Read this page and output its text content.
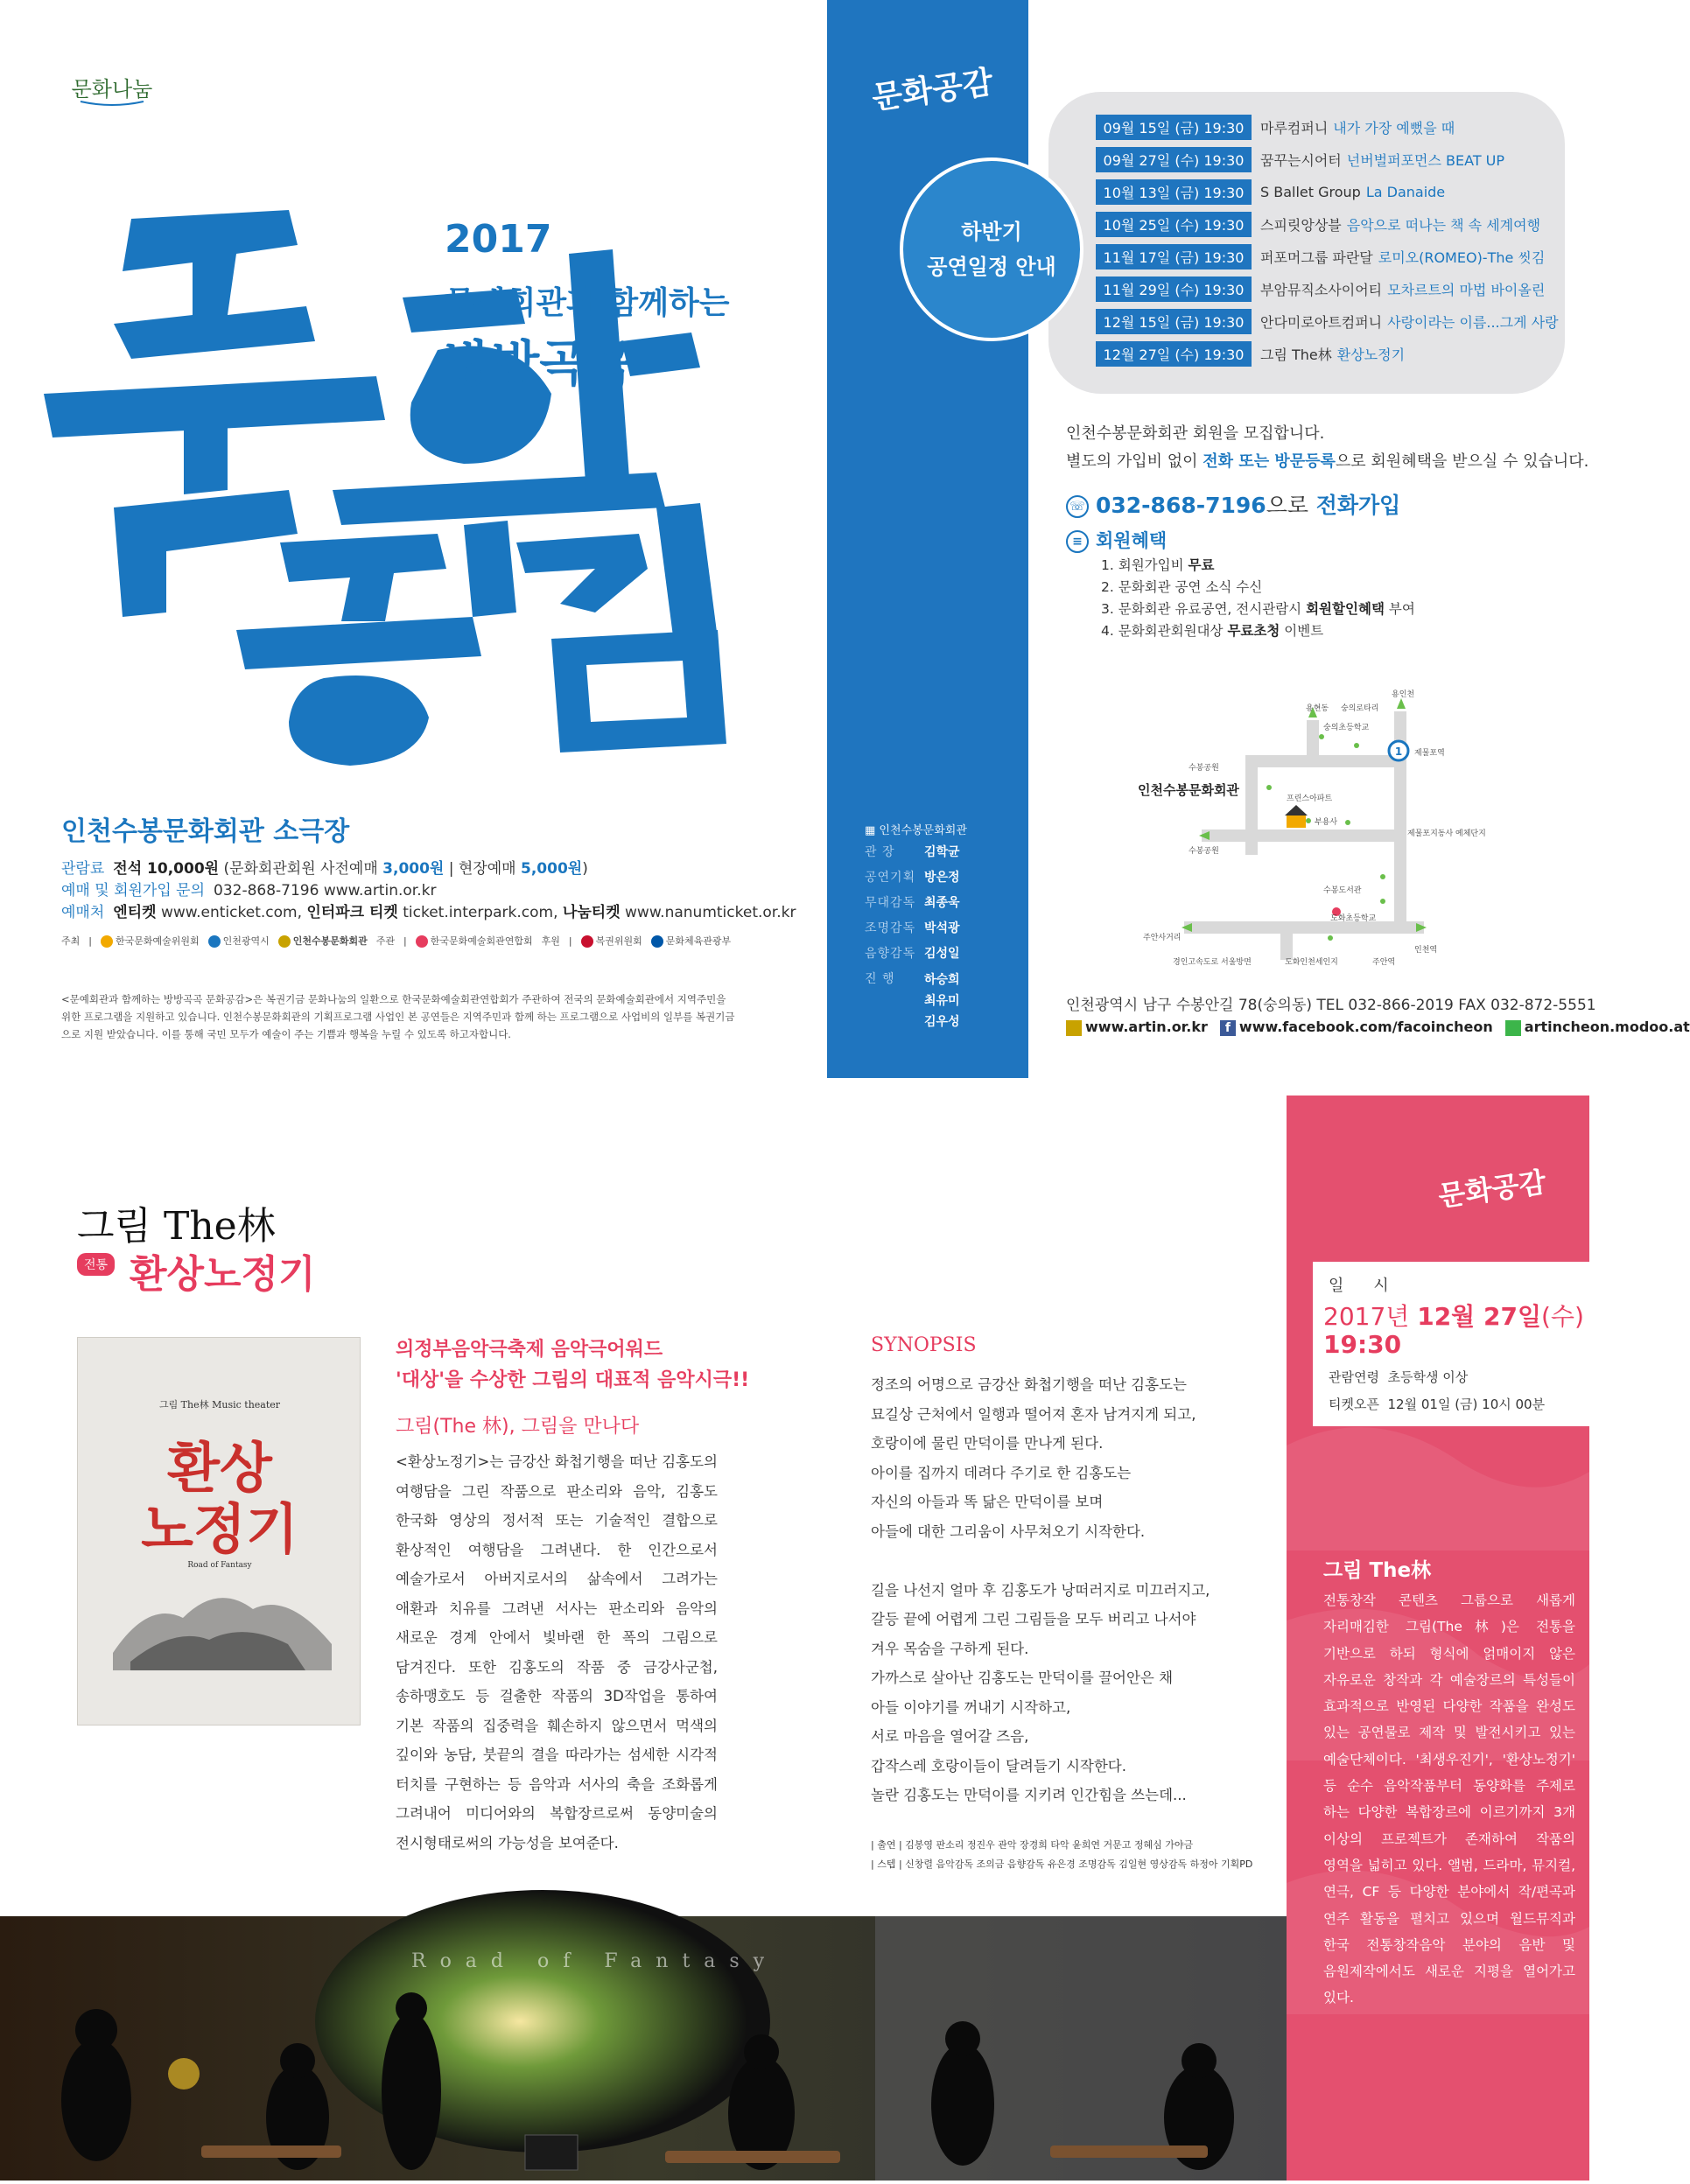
문화나눔
문화공감
2017
문예회관과 함께하는
방방곡곡
인천수봉문화회관 소극장
관람료 전석 10,000원 (문화회관회원 사전예매 3,000원 | 현장예매 5,000원)
예매 및 회원가입 문의 032-868-7196 www.artin.or.kr
예매처 엔티켓 www.enticket.com, 인터파크 티켓 ticket.interpark.com, 나눔티켓 www.nanumticket.or.kr
주최 |	한국문화예술위원회	인천광역시	인천수봉문화회관 주관 |	한국문화예술회관연합회 후원 |	복권위원회	문화체육관광부
<문예회관과 함께하는 방방곡곡 문화공감>은 복권기금 문화나눔의 일환으로 한국문화예술회관연합회가 주관하여 전국의 문화예술회관에서 지역주민을 위한 프로그램을 지원하고 있습니다. 인천수봉문화회관의 기획프로그램 사업인 본 공연들은 지역주민과 함께 하는 프로그램으로 사업비의 일부를 복권기금으로 지원 받았습니다. 이를 통해 국민 모두가 예술이 주는 기쁨과 행복을 누릴 수 있도록 하고자합니다.
문화공감
▦ 인천수봉문화회관
관 장	김학균
공연기획 방은정
무대감독 최종욱
조명감독 박석광
음향감독 김성일
진 행	하승희
최유미
김우성
하반기
공연일정 안내
09월 15일 (금) 19:30	마루컴퍼니 내가 가장 예뻤을 때
09월 27일 (수) 19:30	꿈꾸는시어터 넌버벌퍼포먼스 BEAT UP
10월 13일 (금) 19:30	S Ballet Group La Danaide
10월 25일 (수) 19:30	스피릿앙상블 음악으로 떠나는 책 속 세계여행
11월 17일 (금) 19:30	퍼포머그룹 파란달 로미오(ROMEO)-The 씻김
11월 29일 (수) 19:30	부암뮤직소사이어티 모차르트의 마법 바이올린
12월 15일 (금) 19:30	안다미로아트컴퍼니 사랑이라는 이름...그게 사랑
12월 27일 (수) 19:30	그림 The林 환상노정기
인천수봉문화회관 회원을 모집합니다.
별도의 가입비 없이 전화 또는 방문등록으로 회원혜택을 받으실 수 있습니다.
☏ 032-868-7196으로 전화가입
≡ 회원혜택
1. 회원가입비 무료
2. 문화회관 공연 소식 수신
3. 문화회관 유료공연, 전시관람시 회원할인혜택 부여
4. 문화회관회원대상 무료초청 이벤트
1
용현동 숭의로타리
용인천
숭의초등학교
제물포역
수봉공원
프린스아파트
부용사
제물포지동사 예체단지
수봉공원
수봉도서관
도화초등학교
주안사거리
경인고속도로 서울방면	도화인천세인지	주안역
인천역
인천수봉문화회관
인천광역시 남구 수봉안길 78(숭의동) TEL 032-866-2019 FAX 032-872-5551
www.artin.or.kr	f www.facebook.com/facoincheon	artincheon.modoo.at
그림 The林
전통 환상노정기
그림 The林 Music theater
환상
노정기
Road of Fantasy
의정부음악극축제 음악극어워드
'대상'을 수상한 그림의 대표적 음악시극!!
그림(The 林), 그림을 만나다
<환상노정기>는 금강산 화첩기행을 떠난 김홍도의 여행담을 그린 작품으로 판소리와 음악, 김홍도 한국화 영상의 정서적 또는 기술적인 결합으로 환상적인 여행담을 그려낸다. 한 인간으로서 예술가로서 아버지로서의 삶속에서 그려가는 애환과 치유를 그려낸 서사는 판소리와 음악의 새로운 경계 안에서 빛바랜 한 폭의 그림으로 담겨진다. 또한 김홍도의 작품 중 금강사군첩, 송하맹호도 등 걸출한 작품의 3D작업을 통하여 기본 작품의 집중력을 훼손하지 않으면서 먹색의 깊이와 농담, 붓끝의 결을 따라가는 섬세한 시각적 터치를 구현하는 등 음악과 서사의 축을 조화롭게 그려내어 미디어와의 복합장르로써 동양미술의 전시형태로써의 가능성을 보여준다.
SYNOPSIS
정조의 어명으로 금강산 화첩기행을 떠난 김홍도는
묘길상 근처에서 일행과 떨어져 혼자 남겨지게 되고,
호랑이에 물린 만덕이를 만나게 된다.
아이를 집까지 데려다 주기로 한 김홍도는
자신의 아들과 똑 닮은 만덕이를 보며
아들에 대한 그리움이 사무쳐오기 시작한다.

길을 나선지 얼마 후 김홍도가 낭떠러지로 미끄러지고,
갈등 끝에 어렵게 그린 그림들을 모두 버리고 나서야
겨우 목숨을 구하게 된다.
가까스로 살아난 김홍도는 만덕이를 끌어안은 채
아들 이야기를 꺼내기 시작하고,
서로 마음을 열어갈 즈음,
갑작스레 호랑이들이 달려들기 시작한다.
놀란 김홍도는 만덕이를 지키려 인간힘을 쓰는데...
| 출연 | 김봉영 판소리 정진우 관악 장경희 타악 윤희연 거문고 정혜심 가야금
| 스텝 | 신창렬 음악감독 조의금 음향감독 유은경 조명감독 김일현 영상감독 하정아 기획PD
문화공감
일시
2017년 12월 27일(수)
19:30
관람연령 초등학생 이상
티켓오픈 12월 01일 (금) 10시 00분
그림 The林
전통창작 콘텐츠 그룹으로 새롭게 자리매김한 그림(The林)은 전통을 기반으로 하되 형식에 얽매이지 않은 자유로운 창작과 각 예술장르의 특성들이 효과적으로 반영된 다양한 작품을 완성도 있는 공연물로 제작 및 발전시키고 있는 예술단체이다. '최생우진기', '환상노정기' 등 순수 음악작품부터 동양화를 주제로 하는 다양한 복합장르에 이르기까지 3개 이상의 프로젝트가 존재하여 작품의 영역을 넓히고 있다. 앨범, 드라마, 뮤지컬, 연극, CF 등 다양한 분야에서 작/편곡과 연주 활동을 펼치고 있으며 월드뮤직과 한국 전통창작음악 분야의 음반 및 음원제작에서도 새로운 지평을 열어가고 있다.
Road of Fantasy
